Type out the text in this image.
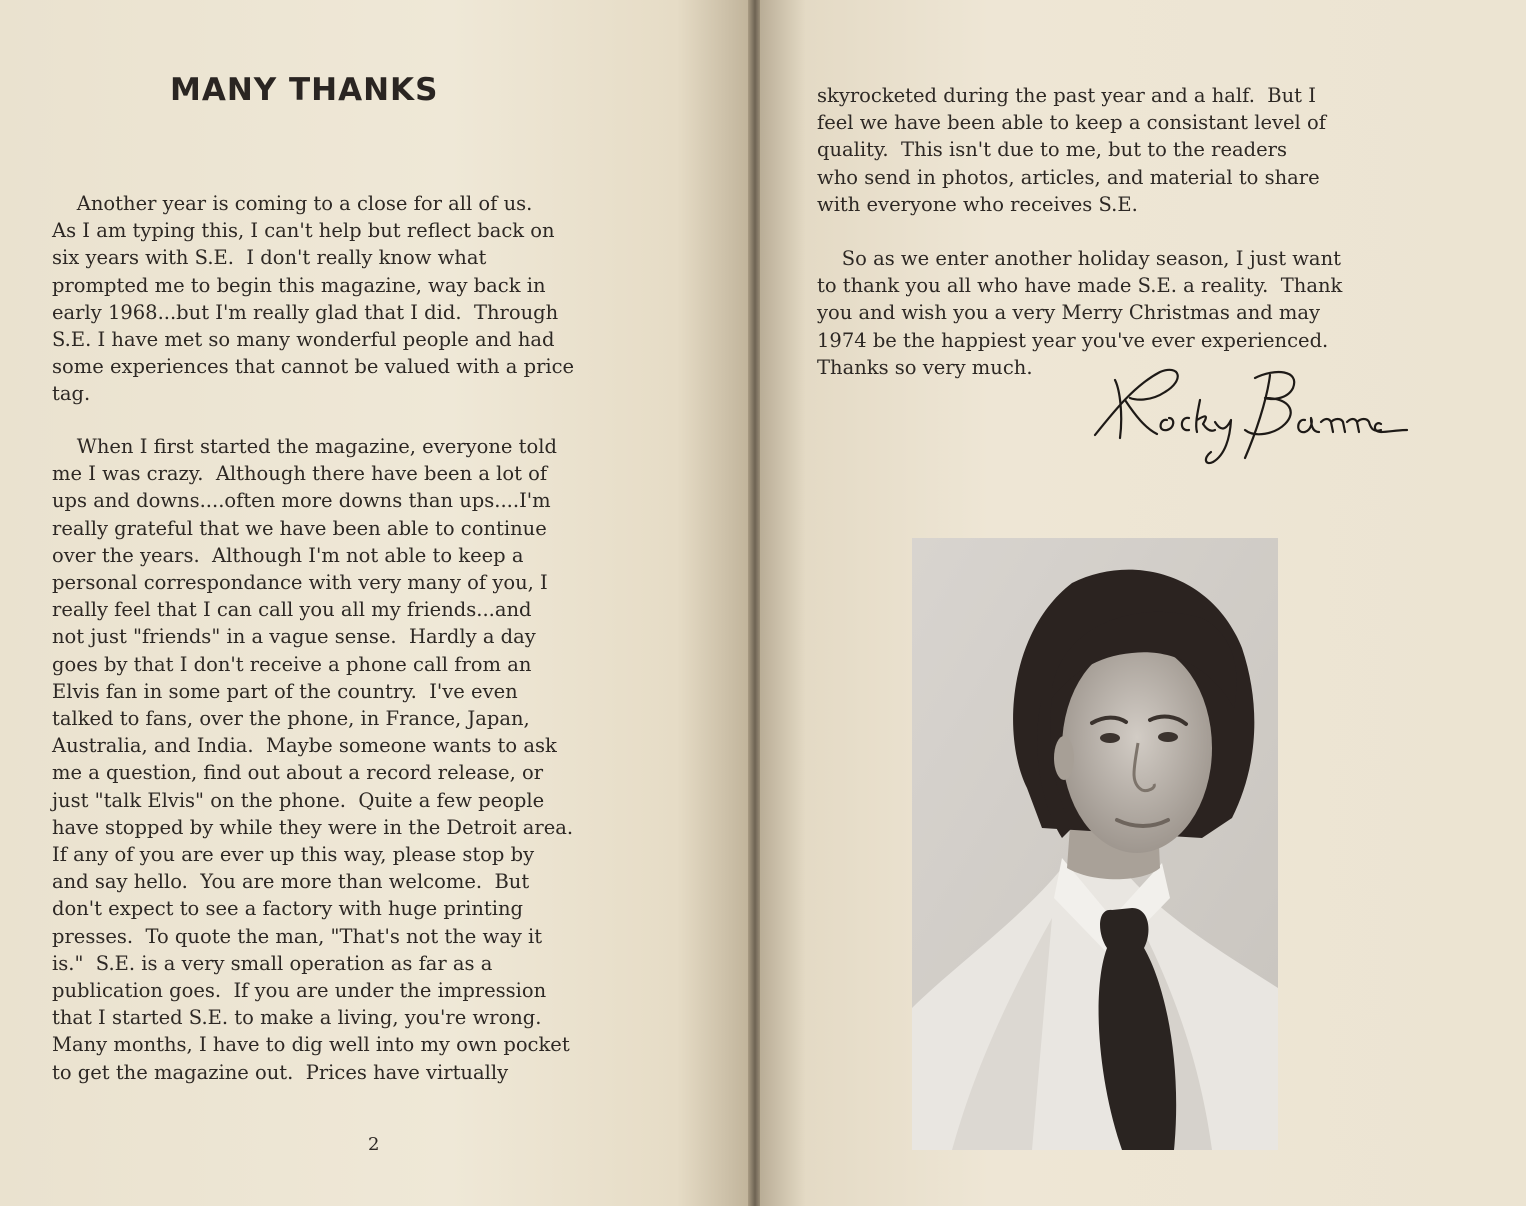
MANY THANKS

Another year is coming to a close for all of us.
As I am typing this, I can't help but reflect back on
six years with S.E.  I don't really know what
prompted me to begin this magazine, way back in
early 1968...but I'm really glad that I did.  Through
S.E. I have met so many wonderful people and had
some experiences that cannot be valued with a price
tag.

When I first started the magazine, everyone told
me I was crazy.  Although there have been a lot of
ups and downs....often more downs than ups....I'm
really grateful that we have been able to continue
over the years.  Although I'm not able to keep a
personal correspondance with very many of you, I
really feel that I can call you all my friends...and
not just "friends" in a vague sense.  Hardly a day
goes by that I don't receive a phone call from an
Elvis fan in some part of the country.  I've even
talked to fans, over the phone, in France, Japan,
Australia, and India.  Maybe someone wants to ask
me a question, find out about a record release, or
just "talk Elvis" on the phone.  Quite a few people
have stopped by while they were in the Detroit area.
If any of you are ever up this way, please stop by
and say hello.  You are more than welcome.  But
don't expect to see a factory with huge printing
presses.  To quote the man, "That's not the way it
is."  S.E. is a very small operation as far as a
publication goes.  If you are under the impression
that I started S.E. to make a living, you're wrong.
Many months, I have to dig well into my own pocket
to get the magazine out.  Prices have virtually

2

skyrocketed during the past year and a half.  But I
feel we have been able to keep a consistant level of
quality.  This isn't due to me, but to the readers
who send in photos, articles, and material to share
with everyone who receives S.E.

So as we enter another holiday season, I just want
to thank you all who have made S.E. a reality.  Thank
you and wish you a very Merry Christmas and may
1974 be the happiest year you've ever experienced.
Thanks so very much.
